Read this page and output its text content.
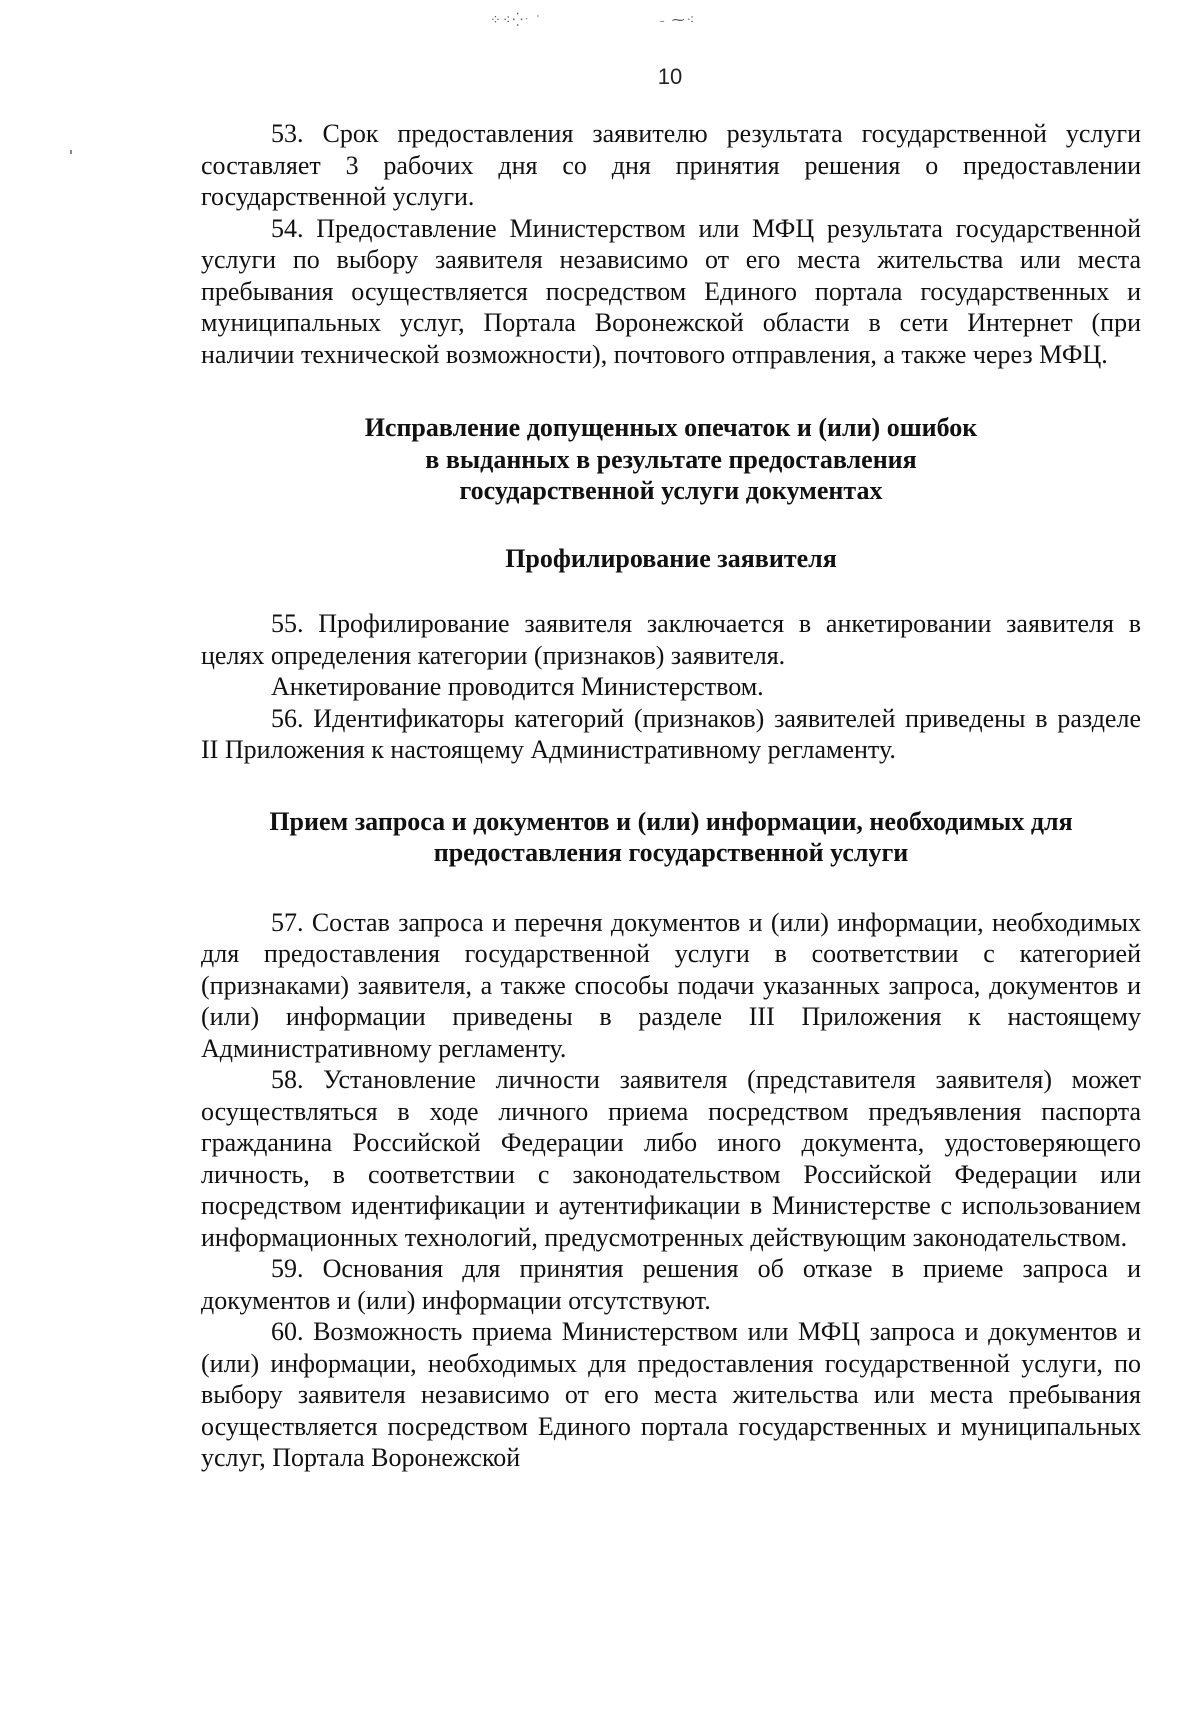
⁘⁖⁛ˑ ˈ	˗ ⁓⁖
10

53. Срок предоставления заявителю результата государственной услуги составляет 3 рабочих дня со дня принятия решения о предоставлении государственной услуги.

54. Предоставление Министерством или МФЦ результата государственной услуги по выбору заявителя независимо от его места жительства или места пребывания осуществляется посредством Единого портала государственных и муниципальных услуг, Портала Воронежской области в сети Интернет (при наличии технической возможности), почтового отправления, а также через МФЦ.

Исправление допущенных опечаток и (или) ошибок
в выданных в результате предоставления
государственной услуги документах

Профилирование заявителя

55. Профилирование заявителя заключается в анкетировании заявителя в целях определения категории (признаков) заявителя.

Анкетирование проводится Министерством.

56. Идентификаторы категорий (признаков) заявителей приведены в разделе II Приложения к настоящему Административному регламенту.

Прием запроса и документов и (или) информации, необходимых для
предоставления государственной услуги

57. Состав запроса и перечня документов и (или) информации, необходимых для предоставления государственной услуги в соответствии с категорией (признаками) заявителя, а также способы подачи указанных запроса, документов и (или) информации приведены в разделе III Приложения к настоящему Административному регламенту.

58. Установление личности заявителя (представителя заявителя) может осуществляться в ходе личного приема посредством предъявления паспорта гражданина Российской Федерации либо иного документа, удостоверяющего личность, в соответствии с законодательством Российской Федерации или посредством идентификации и аутентификации в Министерстве с использованием информационных технологий, предусмотренных действующим законодательством.

59. Основания для принятия решения об отказе в приеме запроса и документов и (или) информации отсутствуют.

60. Возможность приема Министерством или МФЦ запроса и документов и (или) информации, необходимых для предоставления государственной услуги, по выбору заявителя независимо от его места жительства или места пребывания осуществляется посредством Единого портала государственных и муниципальных услуг, Портала Воронежской
